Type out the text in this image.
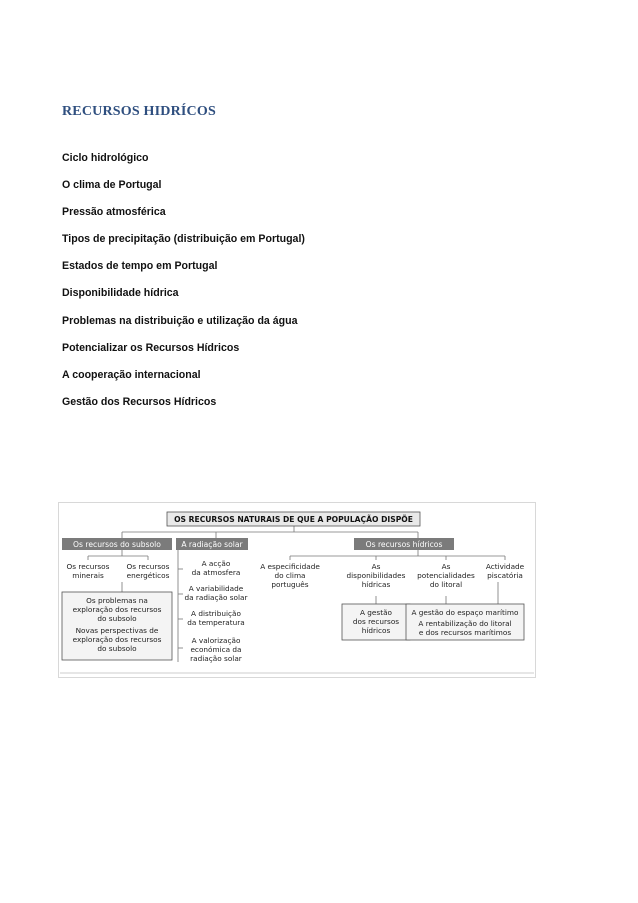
RECURSOS HIDRÍCOS
Ciclo hidrológico
O clima de Portugal
Pressão atmosférica
Tipos de precipitação (distribuição em Portugal)
Estados de tempo em Portugal
Disponibilidade hídrica
Problemas na distribuição e utilização da água
Potencializar os Recursos Hídricos
A cooperação internacional
Gestão dos Recursos Hídricos
OS RECURSOS NATURAIS DE QUE A POPULAÇÃO DISPÕE
Os recursos do subsolo	A radiação solar	Os recursos hídricos
Os recursos
minerais
Os recursos
energéticos
Os problemas na
exploração dos recursos
do subsolo
Novas perspectivas de
exploração dos recursos
do subsolo
A acção
da atmosfera
A variabilidade
da radiação solar
A distribuição
da temperatura
A valorização
económica da
radiação solar
A especificidade
do clima
português
As
disponibilidades
hídricas
As
potencialidades
do litoral
Actividade
piscatória
A gestão
dos recursos
hídricos
A gestão do espaço marítimo
A rentabilização do litoral
e dos recursos marítimos
